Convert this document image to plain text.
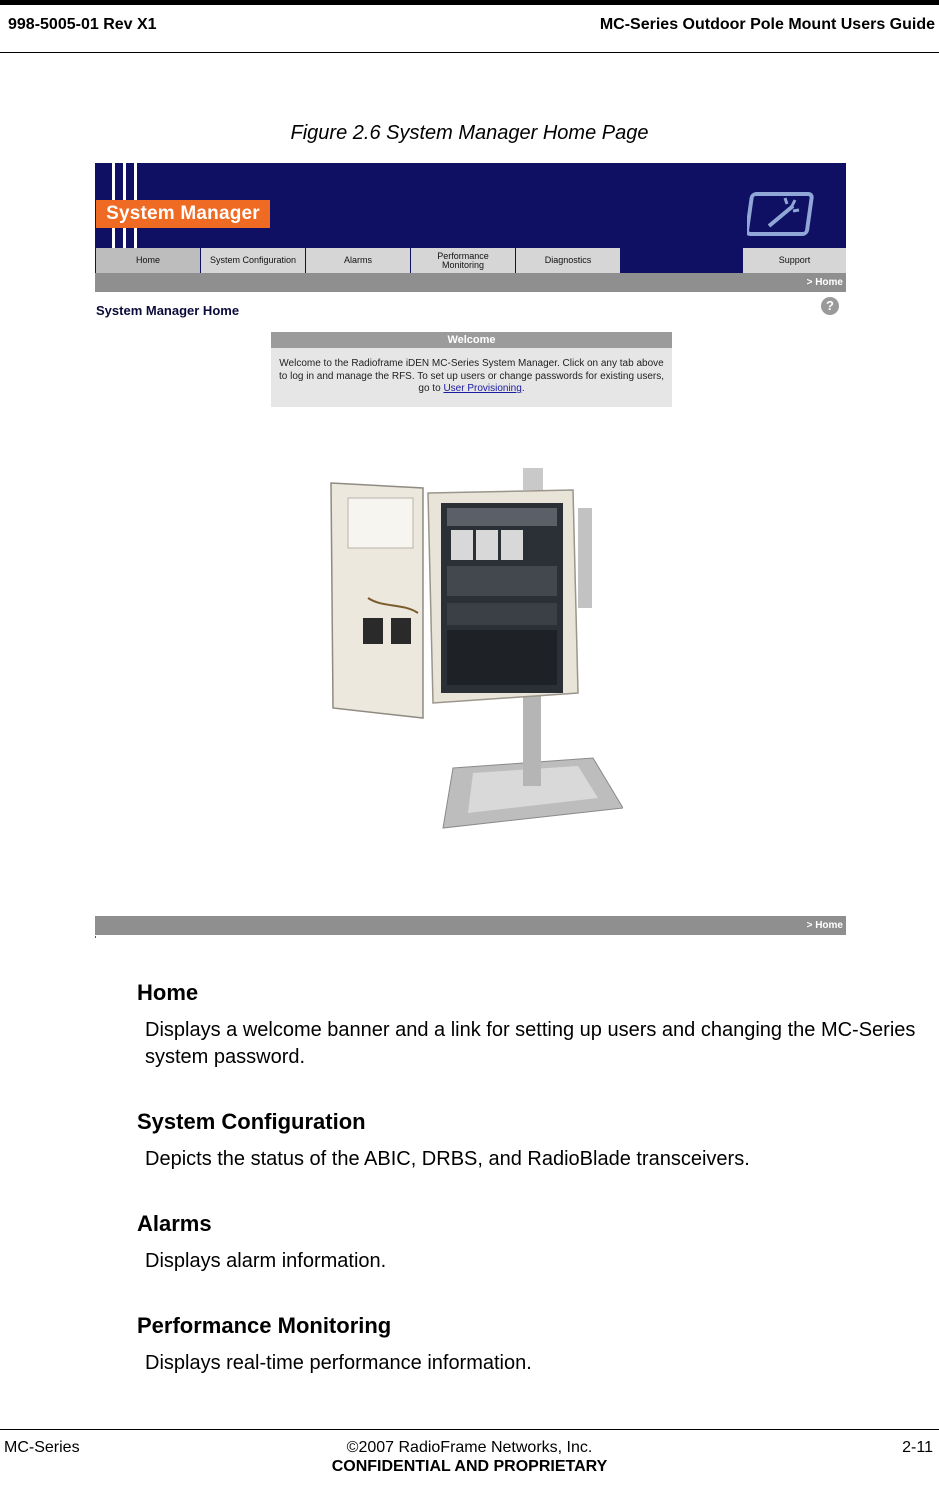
998-5005-01 Rev X1	MC-Series Outdoor Pole Mount Users Guide
Figure 2.6 System Manager Home Page
System Manager
Home	System Configuration	Alarms	Performance Monitoring	Diagnostics	Support
> Home
System Manager Home	?
Welcome
Welcome to the Radioframe iDEN MC-Series System Manager. Click on any tab above to log in and manage the RFS. To set up users or change passwords for existing users, go to User Provisioning.
> Home
Home
Displays a welcome banner and a link for setting up users and changing the MC-Series system password.
System Configuration
Depicts the status of the ABIC, DRBS, and RadioBlade transceivers.
Alarms
Displays alarm information.
Performance Monitoring
Displays real-time performance information.
MC-Series	©2007 RadioFrame Networks, Inc.
CONFIDENTIAL AND PROPRIETARY
2-11
